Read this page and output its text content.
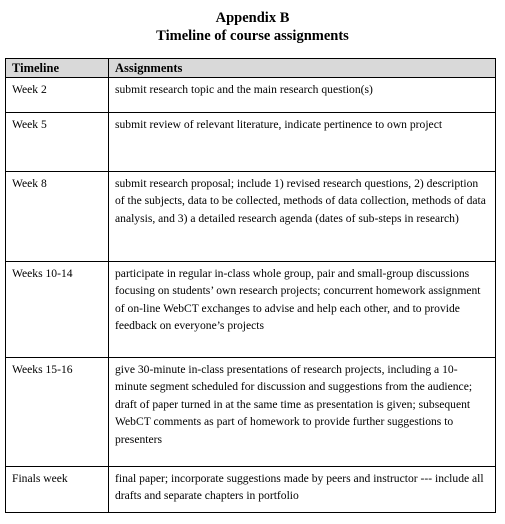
Appendix B
Timeline of course assignments
Timeline	Assignments
Week 2	submit research topic and the main research question(s)
Week 5	submit review of relevant literature, indicate pertinence to own project
Week 8	submit research proposal; include 1) revised research questions, 2) description of the subjects, data to be collected, methods of data collection, methods of data analysis, and 3) a detailed research agenda (dates of sub-steps in research)
Weeks 10-14	participate in regular in-class whole group, pair and small-group discussions focusing on students’ own research projects; concurrent homework assignment of on-line WebCT exchanges to advise and help each other, and to provide feedback on everyone’s projects
Weeks 15-16	give 30-minute in-class presentations of research projects, including a 10-minute segment scheduled for discussion and suggestions from the audience; draft of paper turned in at the same time as presentation is given; subsequent WebCT comments as part of homework to provide further suggestions to presenters
Finals week	final paper; incorporate suggestions made by peers and instructor --- include all drafts and separate chapters in portfolio
